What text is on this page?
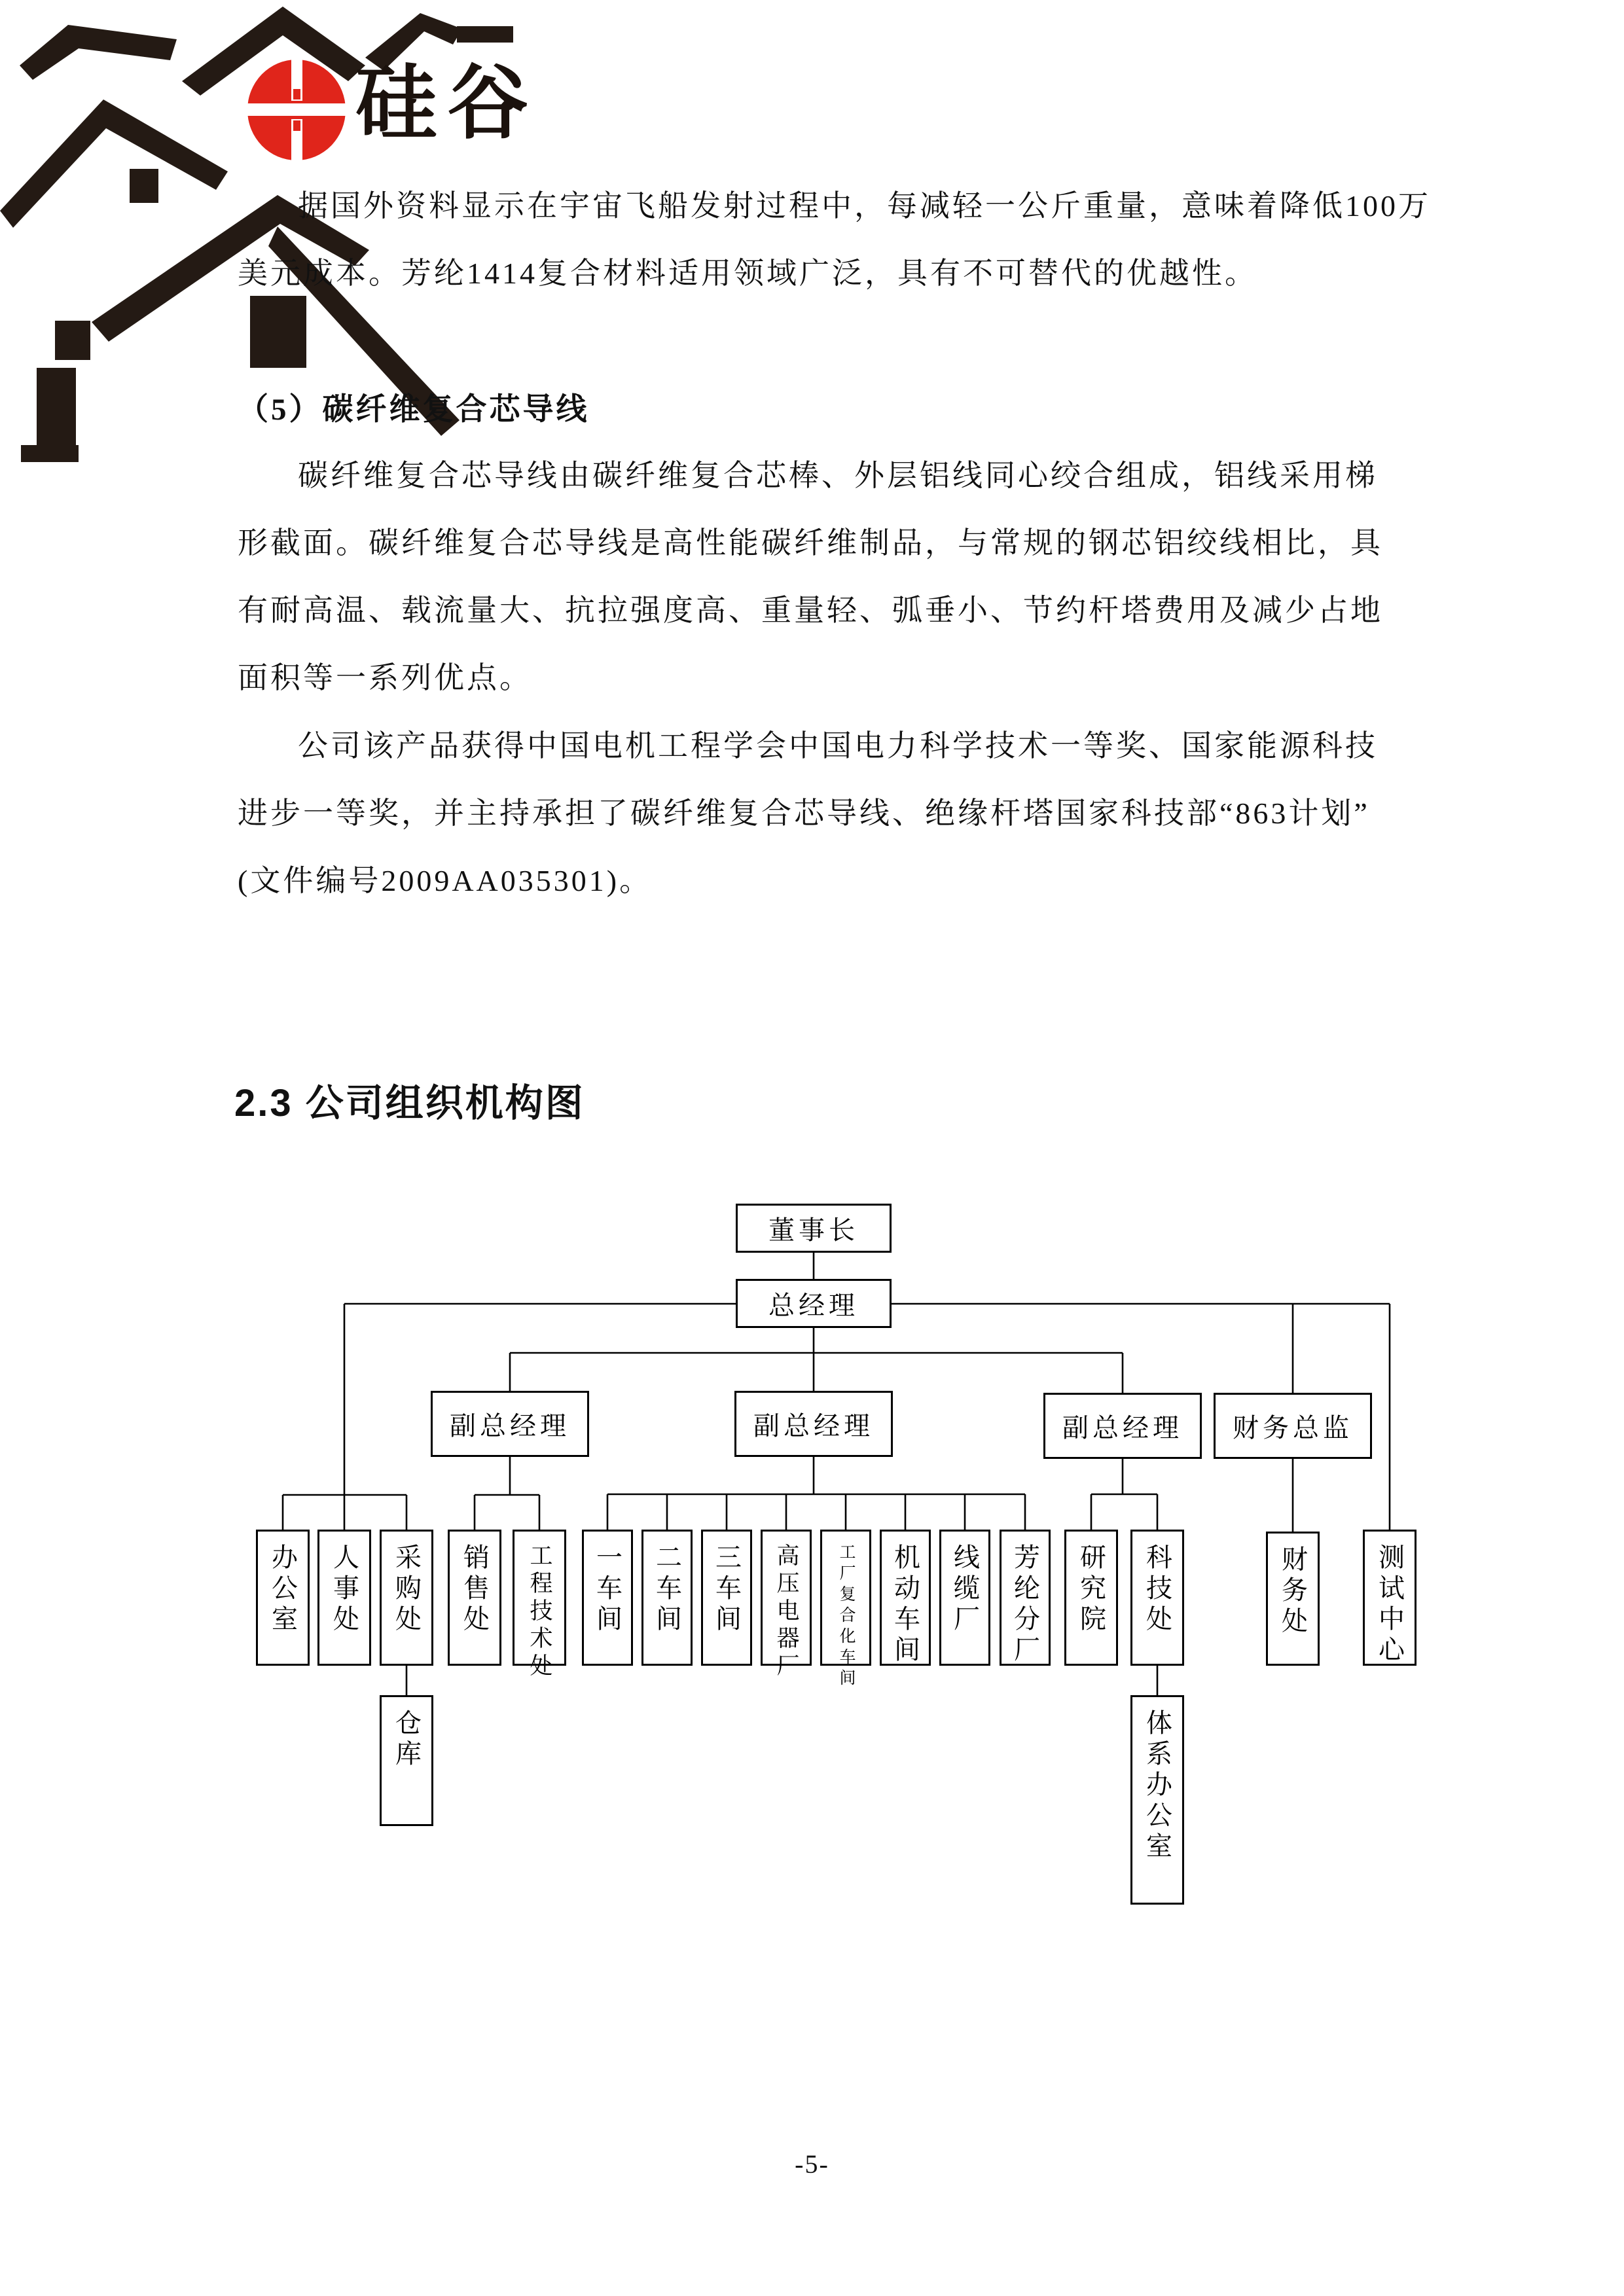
硅谷
据国外资料显示在宇宙飞船发射过程中，每减轻一公斤重量，意味着降低100万
美元成本。芳纶1414复合材料适用领域广泛，具有不可替代的优越性。
（5）碳纤维复合芯导线
碳纤维复合芯导线由碳纤维复合芯棒、外层铝线同心绞合组成，铝线采用梯
形截面。碳纤维复合芯导线是高性能碳纤维制品，与常规的钢芯铝绞线相比，具
有耐高温、载流量大、抗拉强度高、重量轻、弧垂小、节约杆塔费用及减少占地
面积等一系列优点。
公司该产品获得中国电机工程学会中国电力科学技术一等奖、国家能源科技
进步一等奖，并主持承担了碳纤维复合芯导线、绝缘杆塔国家科技部“863计划”
(文件编号2009AA035301)。
2.3 公司组织机构图
董事长
总经理
副总经理	副总经理	副总经理	财务总监
办公室	人事处	采购处	销售处	工程技术处	一车间	二车间	三车间	高压电器厂	工厂复合化车间	机动车间	线缆厂	芳纶分厂	研究院	科技处	财务处	测试中心
仓库	体系办公室
-5-
